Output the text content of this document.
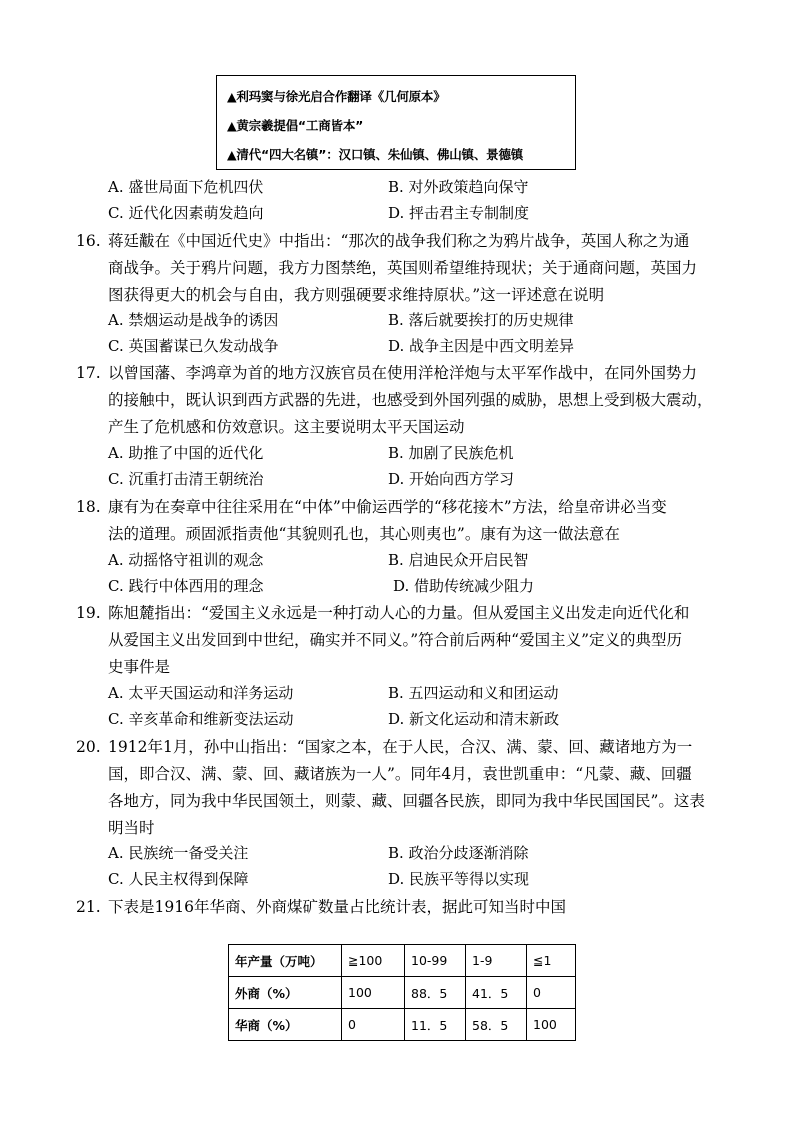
▲利玛窦与徐光启合作翻译《几何原本》
▲黄宗羲提倡“工商皆本”
▲清代“四大名镇”：汉口镇、朱仙镇、佛山镇、景德镇
A. 盛世局面下危机四伏	B. 对外政策趋向保守
C. 近代化因素萌发趋向	D. 抨击君主专制制度
16. 蒋廷黻在《中国近代史》中指出：“那次的战争我们称之为鸦片战争，英国人称之为通
商战争。关于鸦片问题，我方力图禁绝，英国则希望维持现状；关于通商问题，英国力
图获得更大的机会与自由，我方则强硬要求维持原状。”这一评述意在说明
A. 禁烟运动是战争的诱因	B. 落后就要挨打的历史规律
C. 英国蓄谋已久发动战争	D. 战争主因是中西文明差异
17. 以曾国藩、李鸿章为首的地方汉族官员在使用洋枪洋炮与太平军作战中，在同外国势力
的接触中，既认识到西方武器的先进，也感受到外国列强的威胁，思想上受到极大震动，
产生了危机感和仿效意识。这主要说明太平天国运动
A. 助推了中国的近代化	B. 加剧了民族危机
C. 沉重打击清王朝统治	D. 开始向西方学习
18. 康有为在奏章中往往采用在“中体”中偷运西学的“移花接木”方法，给皇帝讲必当变
法的道理。顽固派指责他“其貌则孔也，其心则夷也”。康有为这一做法意在
A. 动摇恪守祖训的观念	B. 启迪民众开启民智
C. 践行中体西用的理念	D. 借助传统减少阻力
19. 陈旭麓指出：“爱国主义永远是一种打动人心的力量。但从爱国主义出发走向近代化和
从爱国主义出发回到中世纪，确实并不同义。”符合前后两种“爱国主义”定义的典型历
史事件是
A. 太平天国运动和洋务运动	B. 五四运动和义和团运动
C. 辛亥革命和维新变法运动	D. 新文化运动和清末新政
20. 1912年1月，孙中山指出：“国家之本，在于人民，合汉、满、蒙、回、藏诸地方为一
国，即合汉、满、蒙、回、藏诸族为一人”。同年4月，袁世凯重申：“凡蒙、藏、回疆
各地方，同为我中华民国领土，则蒙、藏、回疆各民族，即同为我中华民国国民”。这表
明当时
A. 民族统一备受关注	B. 政治分歧逐渐消除
C. 人民主权得到保障	D. 民族平等得以实现
21. 下表是1916年华商、外商煤矿数量占比统计表，据此可知当时中国
年产量（万吨）	≧100	10-99	1-9	≦1
外商（%）	100	88．5	41．5	0
华商（%）	0	11．5	58．5	100
